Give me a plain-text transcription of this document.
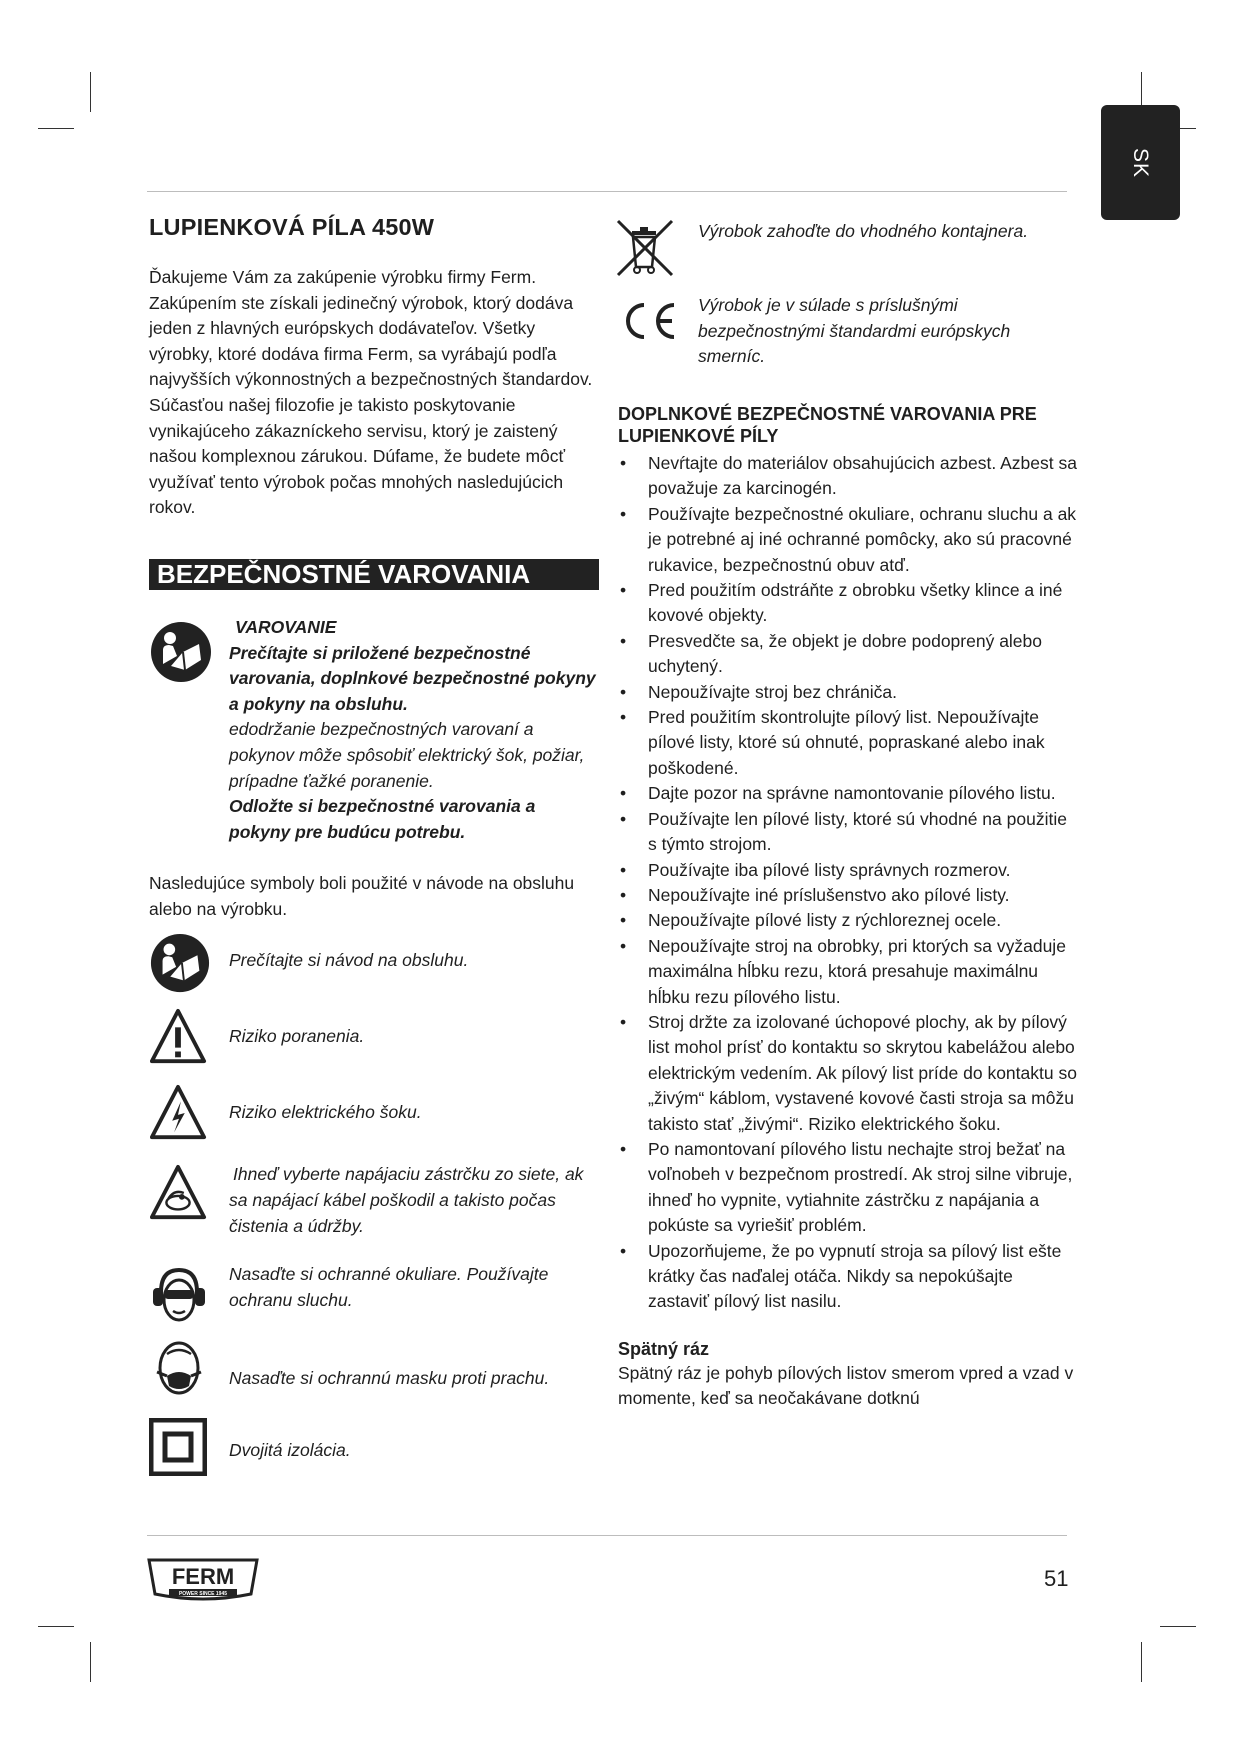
SK
LUPIENKOVÁ PÍLA 450W

Ďakujeme Vám za zakúpenie výrobku firmy Ferm. Zakúpením ste získali jedinečný výrobok, ktorý dodáva jeden z hlavných európskych dodávateľov. Všetky výrobky, ktoré dodáva firma Ferm, sa vyrábajú podľa najvyšších výkonnostných a bezpečnostných štandardov. Súčasťou našej filozofie je takisto poskytovanie vynikajúceho zákazníckeho servisu, ktorý je zaistený našou komplexnou zárukou. Dúfame, že budete môcť využívať tento výrobok počas mnohých nasledujúcich rokov.

BEZPEČNOSTNÉ VAROVANIA
VAROVANIE
Prečítajte si priložené bezpečnostné varovania, doplnkové bezpečnostné pokyny a pokyny na obsluhu.
edodržanie bezpečnostných varovaní a pokynov môže spôsobiť elektrický šok, požiar, prípadne ťažké poranenie.
Odložte si bezpečnostné varovania a pokyny pre budúcu potrebu.

Nasledujúce symboly boli použité v návode na obsluhu alebo na výrobku.

Prečítajte si návod na obsluhu.
Riziko poranenia.
Riziko elektrického šoku.
Ihneď vyberte napájaciu zástrčku zo siete, ak sa napájací kábel poškodil a takisto počas čistenia a údržby.
Nasaďte si ochranné okuliare. Používajte ochranu sluchu.
Nasaďte si ochrannú masku proti prachu.
Dvojitá izolácia.
Výrobok zahoďte do vhodného kontajnera.
Výrobok je v súlade s príslušnými bezpečnostnými štandardmi európskych smerníc.
DOPLNKOVÉ BEZPEČNOSTNÉ VAROVANIA PRE LUPIENKOVÉ PÍLY
• Nevŕtajte do materiálov obsahujúcich azbest. Azbest sa považuje za karcinogén.
• Používajte bezpečnostné okuliare, ochranu sluchu a ak je potrebné aj iné ochranné pomôcky, ako sú pracovné rukavice, bezpečnostnú obuv atď.
• Pred použitím odstráňte z obrobku všetky klince a iné kovové objekty.
• Presvedčte sa, že objekt je dobre podoprený alebo uchytený.
• Nepoužívajte stroj bez chrániča.
• Pred použitím skontrolujte pílový list. Nepoužívajte pílové listy, ktoré sú ohnuté, popraskané alebo inak poškodené.
• Dajte pozor na správne namontovanie pílového listu.
• Používajte len pílové listy, ktoré sú vhodné na použitie s týmto strojom.
• Používajte iba pílové listy správnych rozmerov.
• Nepoužívajte iné príslušenstvo ako pílové listy.
• Nepoužívajte pílové listy z rýchloreznej ocele.
• Nepoužívajte stroj na obrobky, pri ktorých sa vyžaduje maximálna hĺbku rezu, ktorá presahuje maximálnu hĺbku rezu pílového listu.
• Stroj držte za izolované úchopové plochy, ak by pílový list mohol prísť do kontaktu so skrytou kabelážou alebo elektrickým vedením. Ak pílový list príde do kontaktu so „živým“ káblom, vystavené kovové časti stroja sa môžu takisto stať „živými“. Riziko elektrického šoku.
• Po namontovaní pílového listu nechajte stroj bežať na voľnobeh v bezpečnom prostredí. Ak stroj silne vibruje, ihneď ho vypnite, vytiahnite zástrčku z napájania a pokúste sa vyriešiť problém.
• Upozorňujeme, že po vypnutí stroja sa pílový list ešte krátky čas naďalej otáča. Nikdy sa nepokúšajte zastaviť pílový list nasilu.
Spätný ráz

Spätný ráz je pohyb pílových listov smerom vpred a vzad v momente, keď sa neočakávane dotknú

FERM
POWER SINCE 1945
51
